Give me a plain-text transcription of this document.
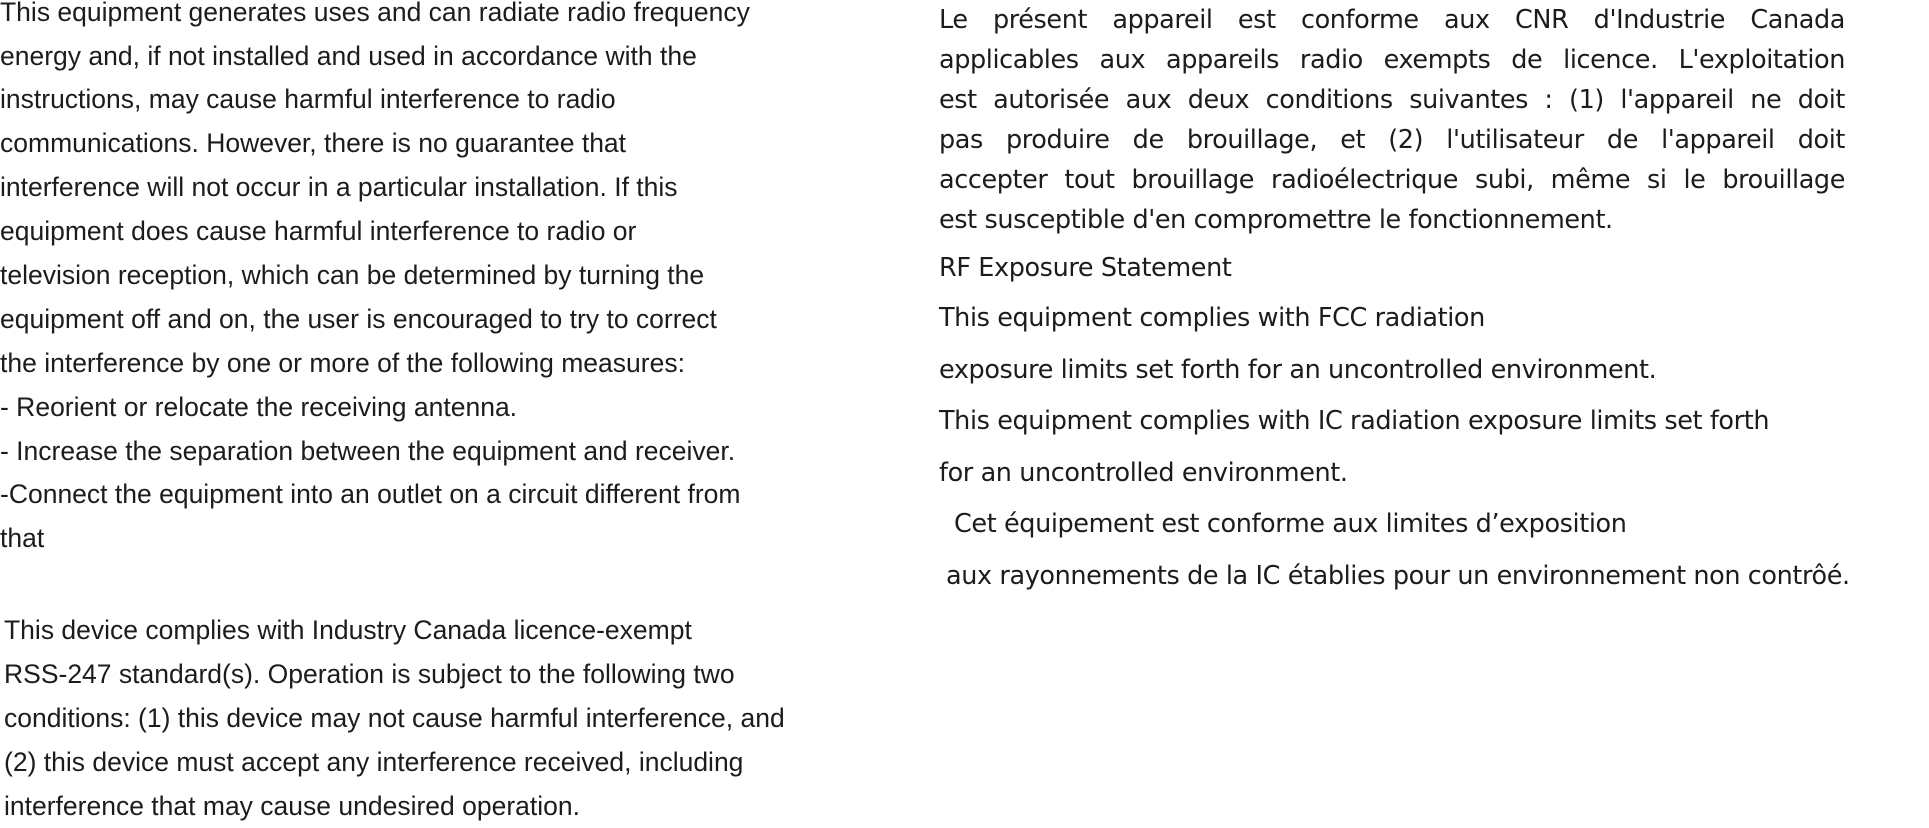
This equipment generates uses and can radiate radio frequency

energy and, if not installed and used in accordance with the

instructions, may cause harmful interference to radio

communications. However, there is no guarantee that

interference will not occur in a particular installation. If this

equipment does cause harmful interference to radio or

television reception, which can be determined by turning the

equipment off and on, the user is encouraged to try to correct

the interference by one or more of the following measures:

- Reorient or relocate the receiving antenna.

- Increase the separation between the equipment and receiver.

-Connect the equipment into an outlet on a circuit different from

that

This device complies with Industry Canada licence-exempt

RSS-247 standard(s). Operation is subject to the following two

conditions: (1) this device may not cause harmful interference, and

(2) this device must accept any interference received, including

interference that may cause undesired operation.

Le présent appareil est conforme aux CNR d'Industrie Canada

applicables aux appareils radio exempts de licence. L'exploitation

est autorisée aux deux conditions suivantes : (1) l'appareil ne doit

pas produire de brouillage, et (2) l'utilisateur de l'appareil doit

accepter tout brouillage radioélectrique subi, même si le brouillage

est susceptible d'en compromettre le fonctionnement.

RF Exposure Statement

This equipment complies with FCC radiation

exposure limits set forth for an uncontrolled environment.

This equipment complies with IC radiation exposure limits set forth

for an uncontrolled environment.

Cet équipement est conforme aux limites d’exposition

aux rayonnements de la IC établies pour un environnement non contrôé.
